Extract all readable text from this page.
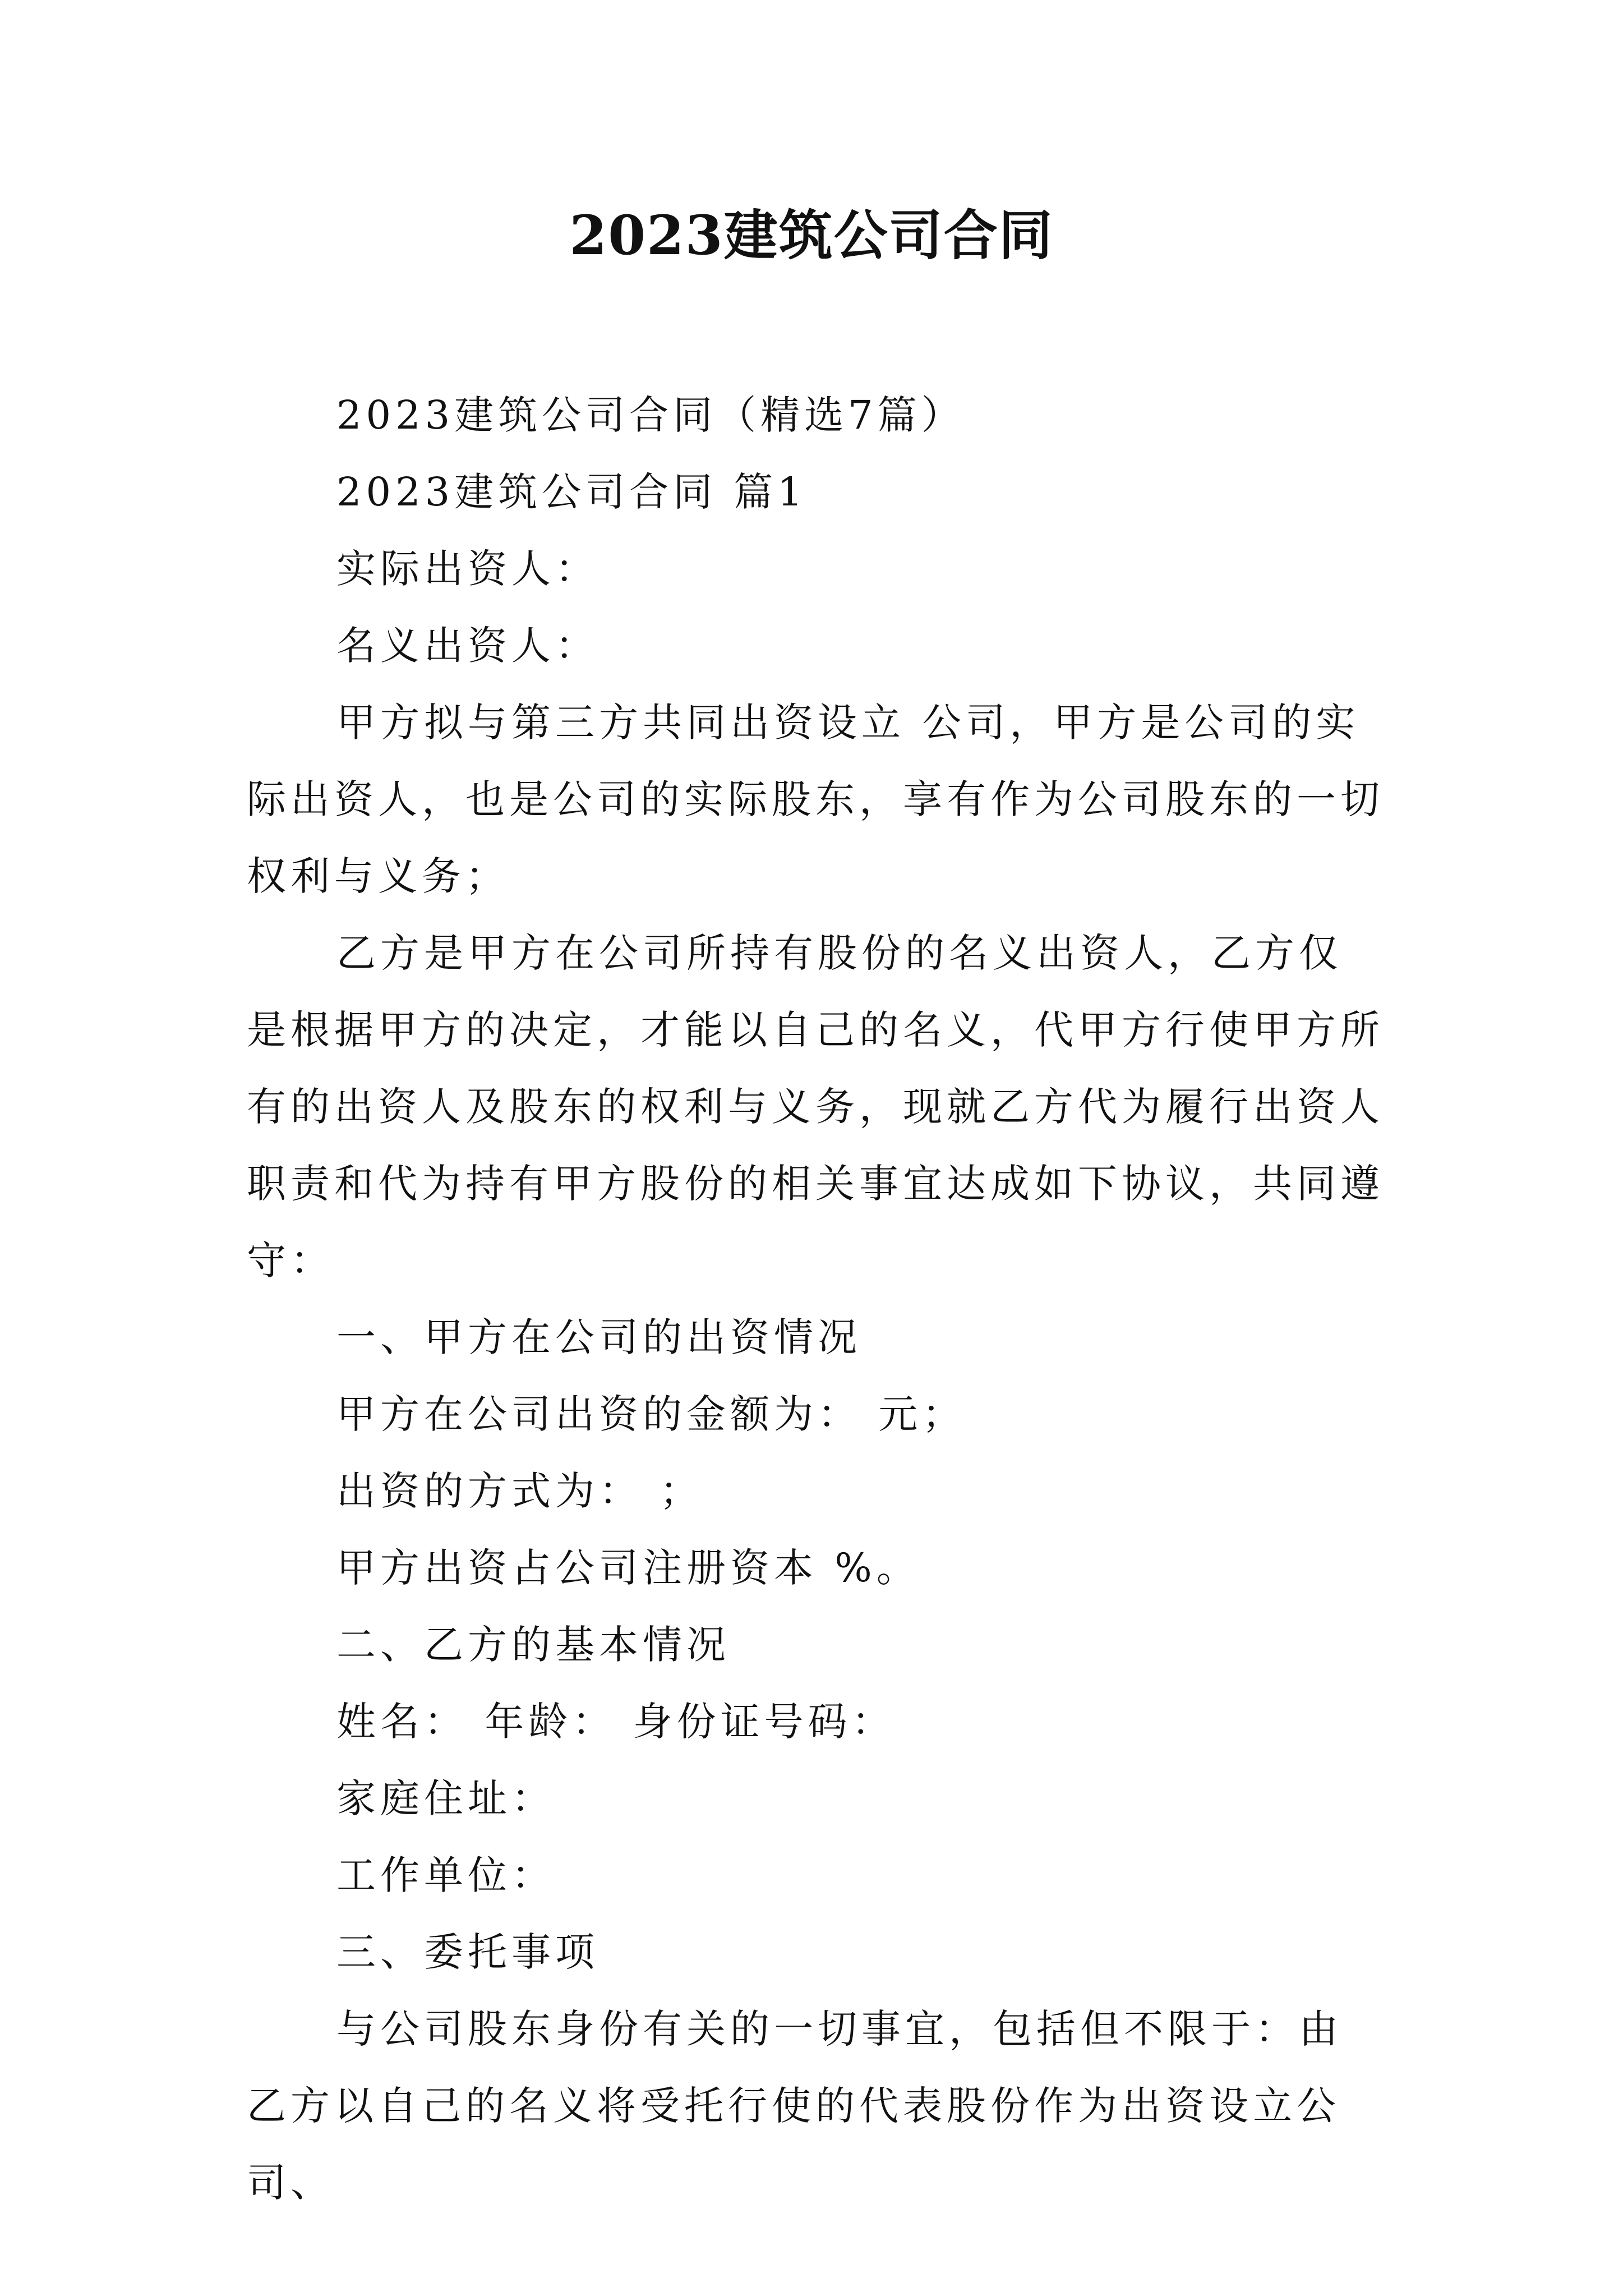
2023建筑公司合同

2023建筑公司合同（精选7篇）

2023建筑公司合同 篇1

实际出资人：

名义出资人：

甲方拟与第三方共同出资设立 公司，甲方是公司的实际出资人，也是公司的实际股东，享有作为公司股东的一切权利与义务；

乙方是甲方在公司所持有股份的名义出资人，乙方仅是根据甲方的决定，才能以自己的名义，代甲方行使甲方所有的出资人及股东的权利与义务，现就乙方代为履行出资人职责和代为持有甲方股份的相关事宜达成如下协议，共同遵守：

一、甲方在公司的出资情况

甲方在公司出资的金额为： 元；

出资的方式为： ；

甲方出资占公司注册资本 %。

二、乙方的基本情况

姓名： 年龄： 身份证号码：

家庭住址：

工作单位：

三、委托事项

与公司股东身份有关的一切事宜，包括但不限于：由乙方以自己的名义将受托行使的代表股份作为出资设立公司、
